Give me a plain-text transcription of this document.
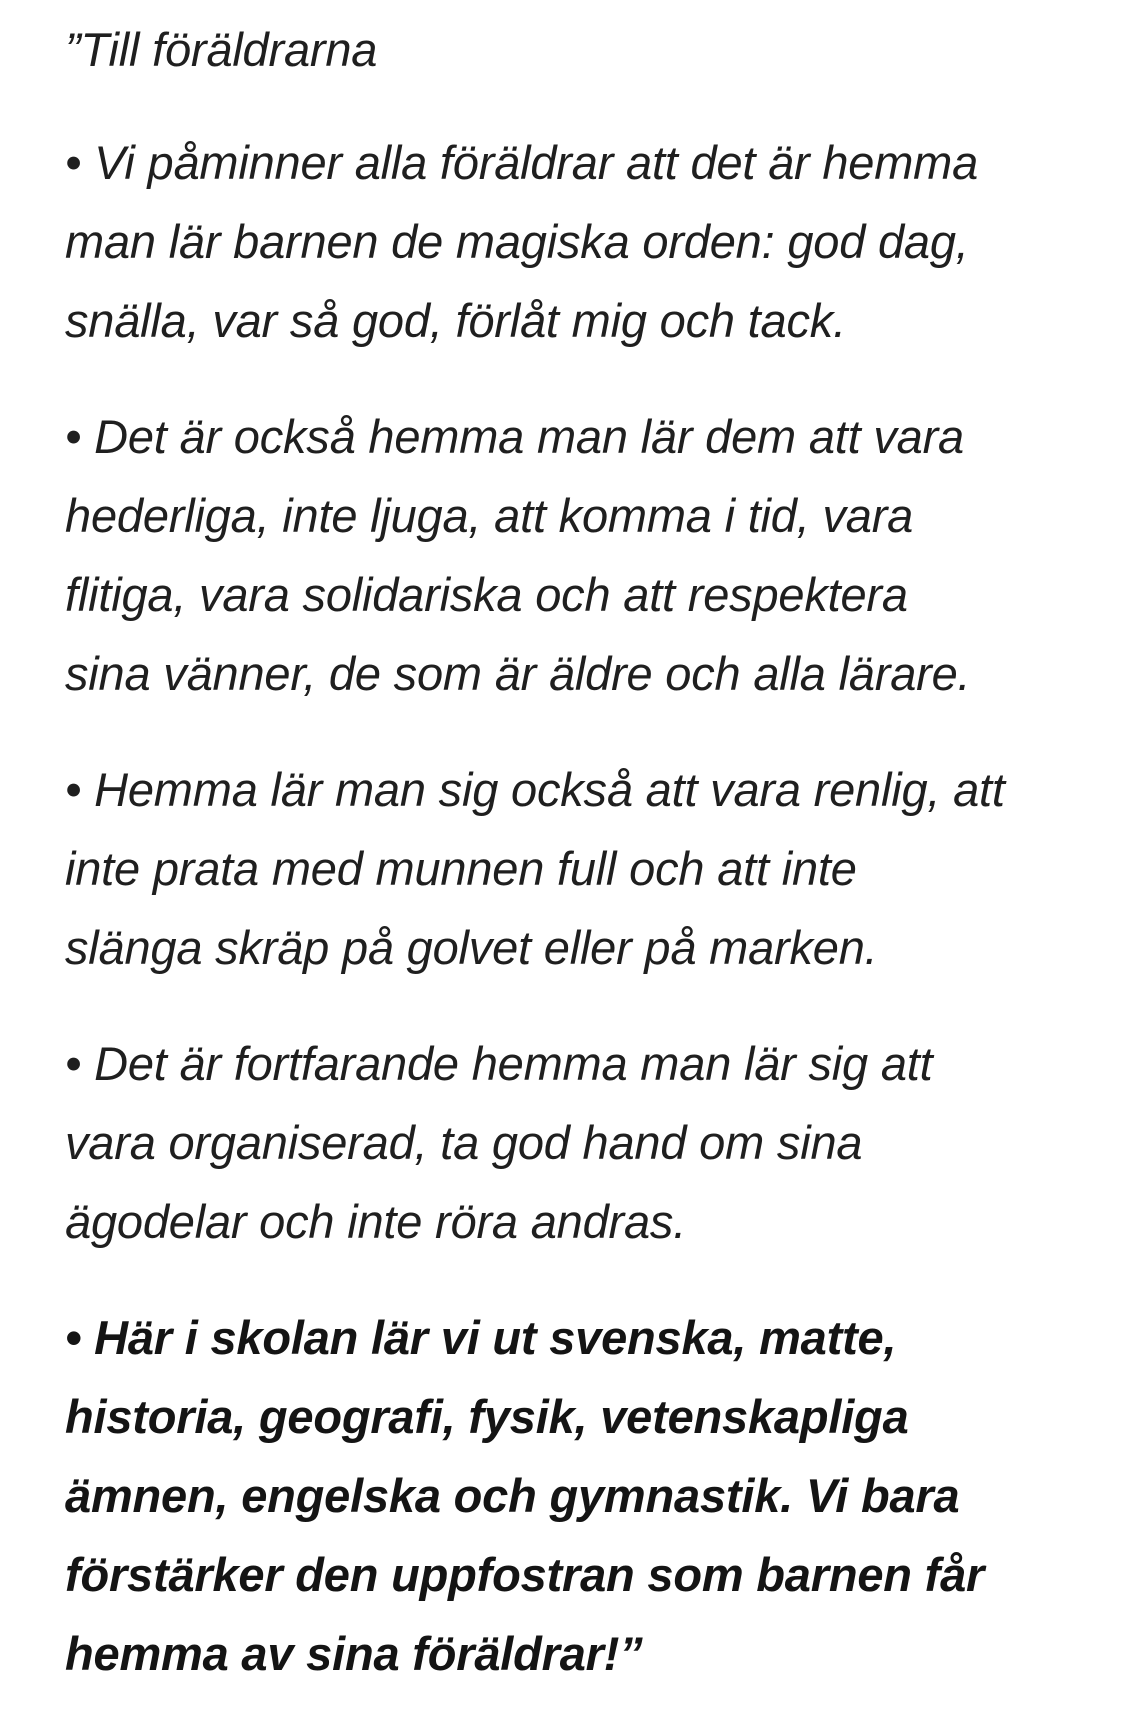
”Till föräldrarna
• Vi påminner alla föräldrar att det är hemma
man lär barnen de magiska orden: god dag,
snälla, var så god, förlåt mig och tack.
• Det är också hemma man lär dem att vara
hederliga, inte ljuga, att komma i tid, vara
flitiga, vara solidariska och att respektera
sina vänner, de som är äldre och alla lärare.
• Hemma lär man sig också att vara renlig, att
inte prata med munnen full och att inte
slänga skräp på golvet eller på marken.
• Det är fortfarande hemma man lär sig att
vara organiserad, ta god hand om sina
ägodelar och inte röra andras.
• Här i skolan lär vi ut svenska, matte,
historia, geografi, fysik, vetenskapliga
ämnen, engelska och gymnastik. Vi bara
förstärker den uppfostran som barnen får
hemma av sina föräldrar!”
